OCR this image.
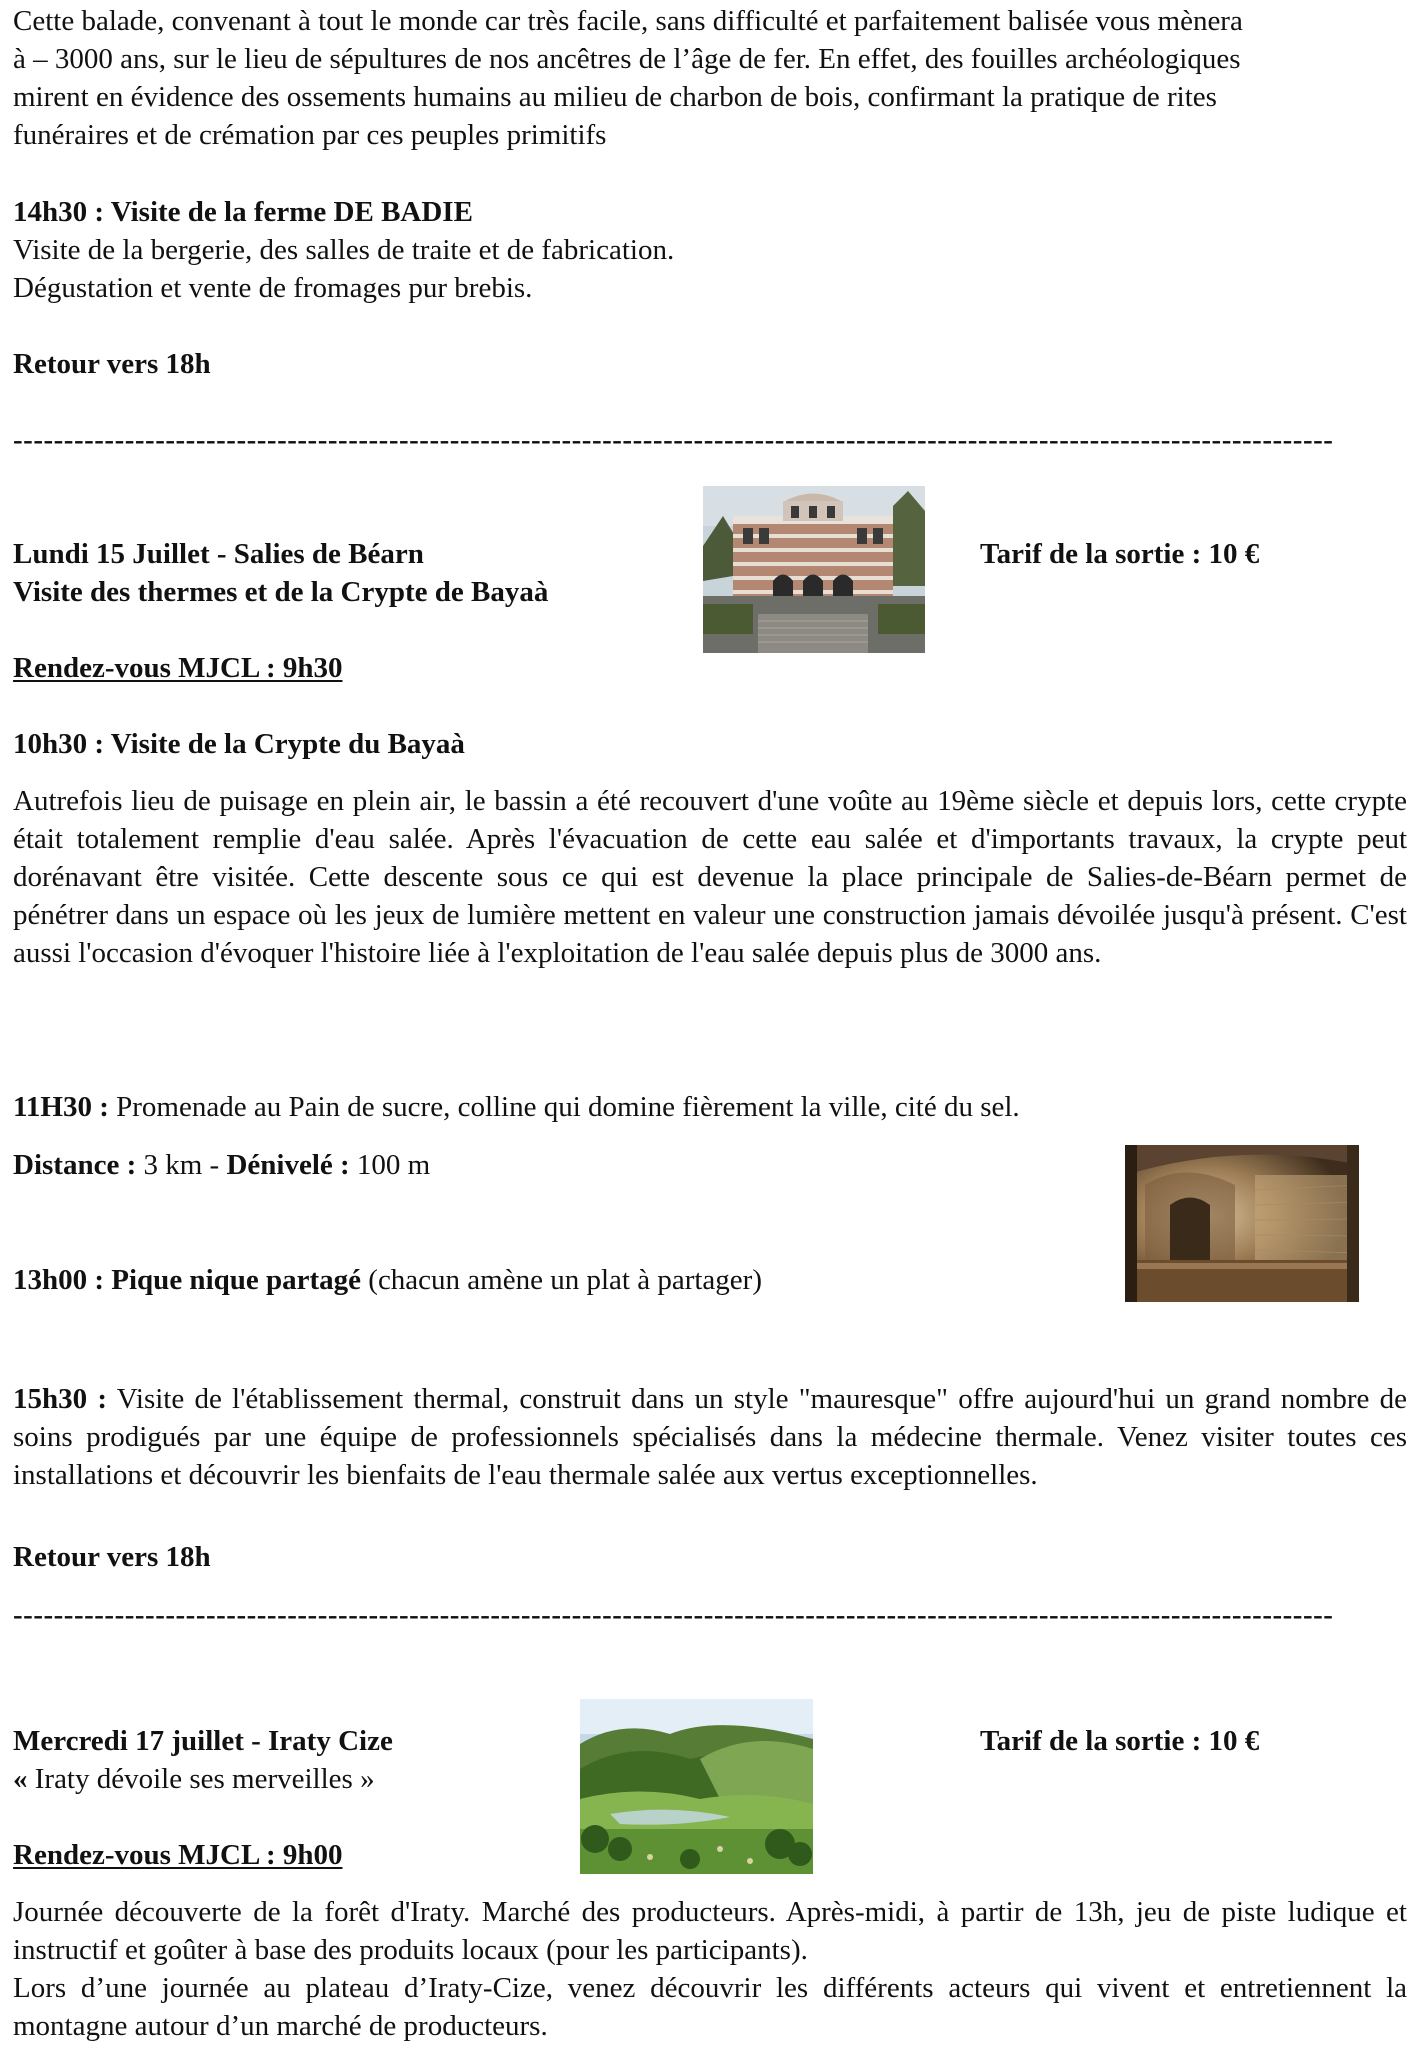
Cette balade, convenant à tout le monde car très facile, sans difficulté et parfaitement balisée vous mènera

à – 3000 ans, sur le lieu de sépultures de nos ancêtres de l’âge de fer. En effet, des fouilles archéologiques

mirent en évidence des ossements humains au milieu de charbon de bois, confirmant la pratique de rites

funéraires et de crémation par ces peuples primitifs

14h30 : Visite de la ferme DE BADIE

Visite de la bergerie, des salles de traite et de fabrication.

Dégustation et vente de fromages pur brebis.

Retour vers 18h

----------------------------------------------------------------------------------------------------------------------------------

Lundi 15 Juillet - Salies de Béarn	Tarif de la sortie : 10 €

Visite des thermes et de la Crypte de Bayaà

Rendez-vous MJCL : 9h30

10h30 : Visite de la Crypte du Bayaà

Autrefois lieu de puisage en plein air, le bassin a été recouvert d'une voûte au 19ème siècle et depuis lors, cette crypte était totalement remplie d'eau salée. Après l'évacuation de cette eau salée et d'importants travaux, la crypte peut dorénavant être visitée. Cette descente sous ce qui est devenue la place principale de Salies-de-Béarn permet de pénétrer dans un espace où les jeux de lumière mettent en valeur une construction jamais dévoilée jusqu'à présent. C'est aussi l'occasion d'évoquer l'histoire liée à l'exploitation de l'eau salée depuis plus de 3000 ans.

11H30 : Promenade au Pain de sucre, colline qui domine fièrement la ville, cité du sel.

Distance : 3 km - Dénivelé : 100 m

13h00 : Pique nique partagé (chacun amène un plat à partager)

15h30 : Visite de l'établissement thermal, construit dans un style "mauresque" offre aujourd'hui un grand nombre de soins prodigués par une équipe de professionnels spécialisés dans la médecine thermale. Venez visiter toutes ces installations et découvrir les bienfaits de l'eau thermale salée aux vertus exceptionnelles.

Retour vers 18h

----------------------------------------------------------------------------------------------------------------------------------

Mercredi 17 juillet - Iraty Cize	Tarif de la sortie : 10 €

« Iraty dévoile ses merveilles »

Rendez-vous MJCL : 9h00

Journée découverte de la forêt d'Iraty. Marché des producteurs. Après-midi, à partir de 13h, jeu de piste ludique et instructif et goûter à base des produits locaux (pour les participants).

Lors d’une journée au plateau d’Iraty-Cize, venez découvrir les différents acteurs qui vivent et entretiennent la montagne autour d’un marché de producteurs.
